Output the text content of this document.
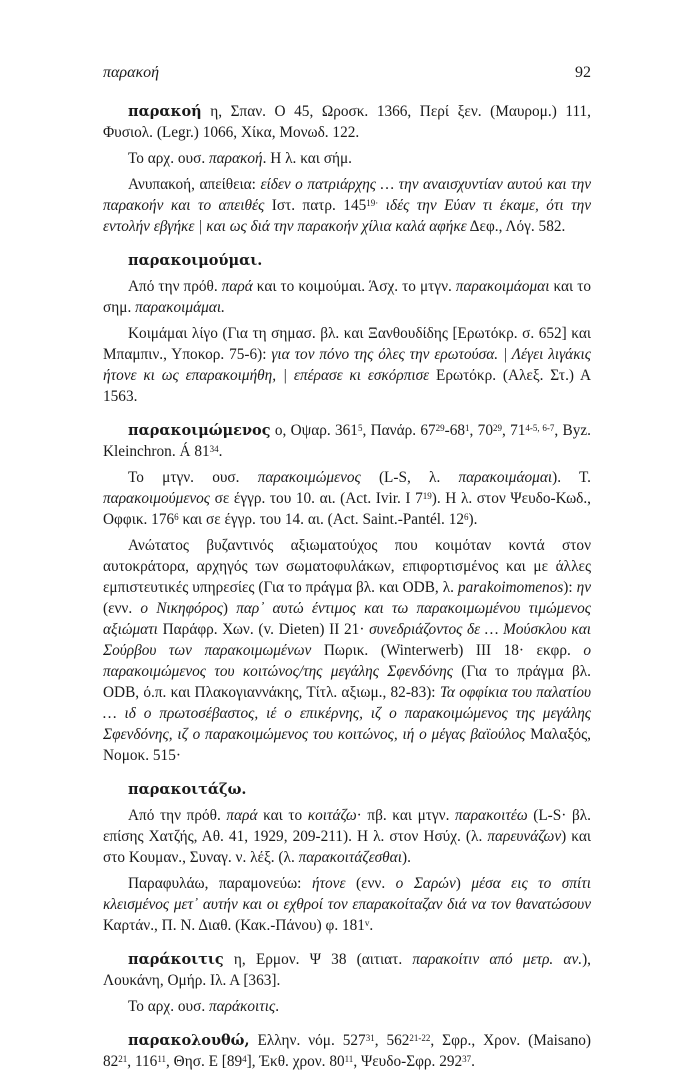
παρακοή	92

παρακοή η, Σπαν. Ο 45, Ωροσκ. 1366, Περί ξεν. (Μαυρομ.) 111, Φυσιολ. (Legr.) 1066, Χίκα, Μονωδ. 122.

Το αρχ. ουσ. παρακοή. Η λ. και σήμ.

Ανυπακοή, απείθεια: είδεν ο πατριάρχης … την αναισχυντίαν αυτού και την παρακοήν και το απειθές Ιστ. πατρ. $145^{19\cdot}$ ιδές την Εύαν τι έκαμε, ότι την εντολήν εβγήκε | και ως διά την παρακοήν χίλια καλά αφήκε Δεφ., Λόγ. 582.

παρακοιμούμαι.

Από την πρόθ. παρά και το κοιμούμαι. Άσχ. το μτγν. παρακοιμάομαι και το σημ. παρακοιμάμαι.

Κοιμάμαι λίγο (Για τη σημασ. βλ. και Ξανθουδίδης [Ερωτόκρ. σ. 652] και Μπαμπιν., Υποκορ. 75-6): για τον πόνο της όλες την ερωτούσα. | Λέγει λιγάκις ήτονε κι ως επαρακοιμήθη, | επέρασε κι εσκόρπισε Ερωτόκρ. (Αλεξ. Στ.) Α 1563.

παρακοιμώμενος ο, Οψαρ. $361^5$, Πανάρ. $67^{29}-68^1$, $70^{29}$, 71$^{4-5, 6-7}$, Byz. Kleinchron. Á $81^{34}$.

Το μτγν. ουσ. παρακοιμώμενος (L-S, λ. παρακοιμάομαι). Τ. παρακοιμούμενος σε έγγρ. του 10. αι. (Act. Ivir. I $7^{19}$). Η λ. στον Ψευδο-Κωδ., Οφφικ. $176^6$ και σε έγγρ. του 14. αι. (Act. Saint.-Pantél. $12^6$).

Ανώτατος βυζαντινός αξιωματούχος που κοιμόταν κοντά στον αυτοκράτορα, αρχηγός των σωματοφυλάκων, επιφορτισμένος και με άλλες εμπιστευτικές υπηρεσίες (Για το πράγμα βλ. και ODB, λ. parakoimomenos): ην (ενν. ο Νικηφόρος) παρ᾽ αυτώ έντιμος και τω παρακοιμωμένου τιμώμενος αξιώματι Παράφρ. Χων. (v. Dieten) II 21· συνεδριάζοντος δε … Μούσκλου και Σούρβου των παρακοιμωμένων Πωρικ. (Winterwerb) III 18· εκφρ. ο παρακοιμώμενος του κοιτώνος/της μεγάλης Σφενδόνης (Για το πράγμα βλ. ODB, ό.π. και Πλακογιαννάκης, Τίτλ. αξιωμ., 82-83): Τα οφφίκια του παλατίου … ιδ ο πρωτοσέβαστος, ιέ ο επικέρνης, ιζ ο παρακοιμώμενος της μεγάλης Σφενδόνης, ιζ ο παρακοιμώμενος του κοιτώνος, ιή ο μέγας βαϊούλος Μαλαξός, Νομοκ. 515·

παρακοιτάζω.

Από την πρόθ. παρά και το κοιτάζω· πβ. και μτγν. παρακοιτέω (L-S· βλ. επίσης Χατζής, Αθ. 41, 1929, 209-211). Η λ. στον Ησύχ. (λ. παρευνάζων) και στο Κουμαν., Συναγ. ν. λέξ. (λ. παρακοιτάζεσθαι).

Παραφυλάω, παραμονεύω: ήτονε (ενν. ο Σαρών) μέσα εις το σπίτι κλεισμένος μετ᾽ αυτήν και οι εχθροί τον επαρακοίταζαν διά να τον θανατώσουν Καρτάν., Π. Ν. Διαθ. (Κακ.-Πάνου) φ. 181$^v$.

παράκοιτις η, Ερμον. Ψ 38 (αιτιατ. παρακοίτιν από μετρ. αν.), Λουκάνη, Ομήρ. Ιλ. Α [363].

Το αρχ. ουσ. παράκοιτις.

παρακολουθώ, Ελλην. νόμ. $527^{31}$, 562$^{21-22}$, Σφρ., Χρον. (Maisano) $82^{21}$, $116^{11}$, Θησ. Ε $[89^4]$, Έκθ. χρον. $80^{11}$, Ψευδο-Σφρ. $292^{37}$.
